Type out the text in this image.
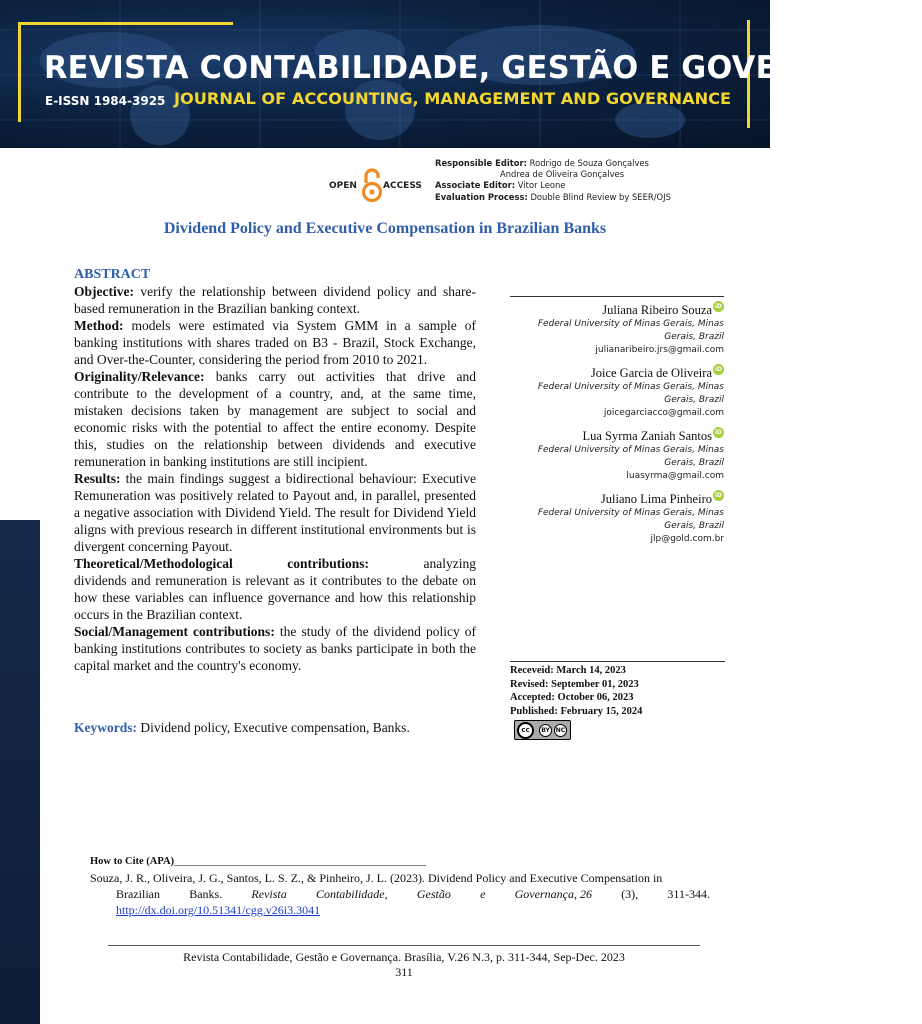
REVISTA CONTABILIDADE, GESTÃO E GOVERNANÇA
E-ISSN 1984-3925 JOURNAL OF ACCOUNTING, MANAGEMENT AND GOVERNANCE
OPEN	ACCESS
Responsible Editor: Rodrigo de Souza Gonçalves
Andrea de Oliveira Gonçalves
Associate Editor: Vitor Leone
Evaluation Process: Double Blind Review by SEER/OJS
Dividend Policy and Executive Compensation in Brazilian Banks
ABSTRACT

Objective: verify the relationship between dividend policy and share-based remuneration in the Brazilian banking context.

Method: models were estimated via System GMM in a sample of banking institutions with shares traded on B3 - Brazil, Stock Exchange, and Over-the-Counter, considering the period from 2010 to 2021.

Originality/Relevance: banks carry out activities that drive and contribute to the development of a country, and, at the same time, mistaken decisions taken by management are subject to social and economic risks with the potential to affect the entire economy. Despite this, studies on the relationship between dividends and executive remuneration in banking institutions are still incipient.

Results: the main findings suggest a bidirectional behaviour: Executive Remuneration was positively related to Payout and, in parallel, presented a negative association with Dividend Yield. The result for Dividend Yield aligns with previous research in different institutional environments but is divergent concerning Payout.

Theoretical/Methodological	contributions:	analyzing

dividends and remuneration is relevant as it contributes to the debate on how these variables can influence governance and how this relationship occurs in the Brazilian context.

Social/Management contributions: the study of the dividend policy of banking institutions contributes to society as banks participate in both the capital market and the country's economy.

Keywords: Dividend policy, Executive compensation, Banks.
Juliana Ribeiro Souza iD
Federal University of Minas Gerais, Minas
Gerais, Brazil
julianaribeiro.jrs@gmail.com
Joice Garcia de Oliveira iD
Federal University of Minas Gerais, Minas
Gerais, Brazil
joicegarciacco@gmail.com
Lua Syrma Zaniah Santos iD
Federal University of Minas Gerais, Minas
Gerais, Brazil
luasyrma@gmail.com
Juliano Lima Pinheiro iD
Federal University of Minas Gerais, Minas
Gerais, Brazil
jlp@gold.com.br
Receveid: March 14, 2023
Revised: September 01, 2023
Accepted: October 06, 2023
Published: February 15, 2024
cc	BY NC
How to Cite (APA)________________________________________________
Souza, J. R., Oliveira, J. G., Santos, L. S. Z., & Pinheiro, J. L. (2023). Dividend Policy and Executive Compensation in
Brazilian Banks. Revista Contabilidade, Gestão e Governança, 26 (3), 311-344.
http://dx.doi.org/10.51341/cgg.v26i3.3041
Revista Contabilidade, Gestão e Governança. Brasília, V.26 N.3, p. 311-344, Sep-Dec. 2023
311
